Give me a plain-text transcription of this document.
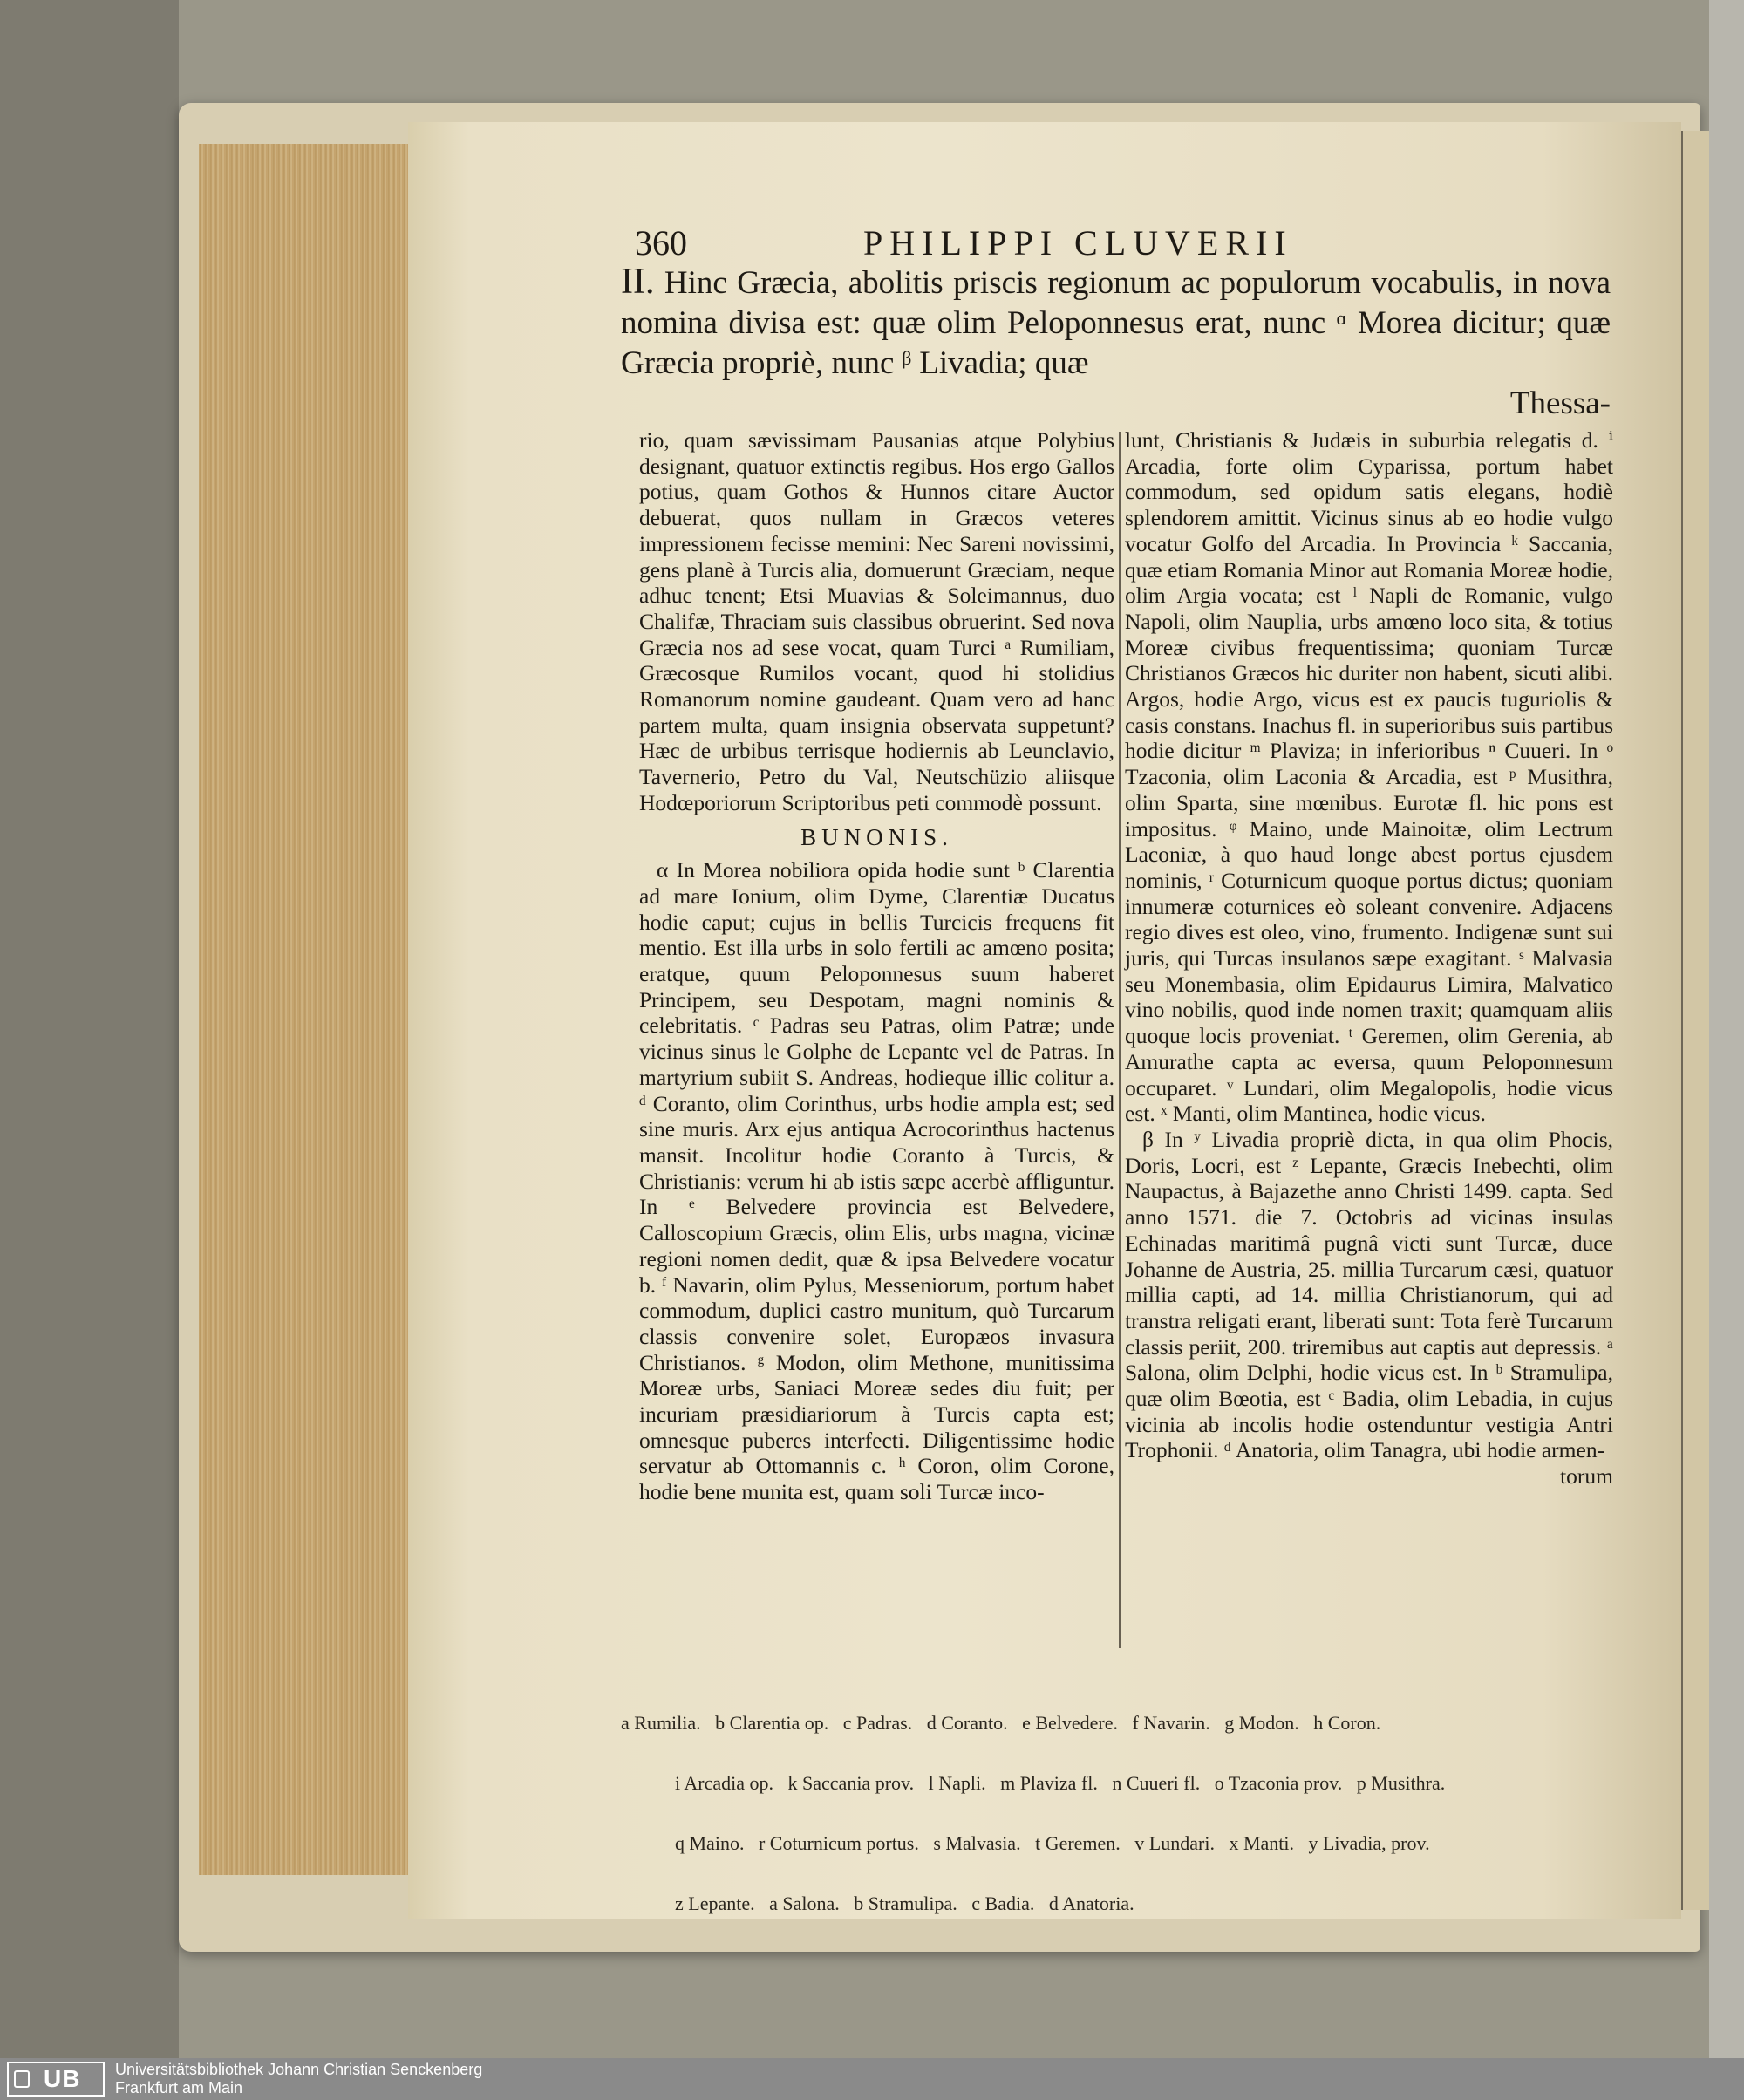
360	PHILIPPI CLUVERII

II. Hinc Græcia, abolitis priscis regionum ac populorum vocabulis, in nova nomina divisa est: quæ olim Peloponnesus erat, nunc ᵅ Morea dicitur; quæ Græcia propriè, nunc ᵝ Livadia; quæ
Thessa-

rio, quam sævissimam Pausanias atque Polybius designant, quatuor extinctis regibus. Hos ergo Gallos potius, quam Gothos & Hunnos citare Auctor debuerat, quos nullam in Græcos veteres impressionem fecisse memini: Nec Sareni novissimi, gens planè à Turcis alia, domuerunt Græciam, neque adhuc tenent; Etsi Muavias & Soleimannus, duo Chalifæ, Thraciam suis classibus obruerint. Sed nova Græcia nos ad sese vocat, quam Turci ᵃ Rumiliam, Græcosque Rumilos vocant, quod hi stolidius Romanorum nomine gaudeant. Quam vero ad hanc partem multa, quam insignia observata suppetunt? Hæc de urbibus terrisque hodiernis ab Leunclavio, Tavernerio, Petro du Val, Neutschüzio aliisque Hodœporiorum Scriptoribus peti commodè possunt.

BUNONIS.

α In Morea nobiliora opida hodie sunt ᵇ Clarentia ad mare Ionium, olim Dyme, Clarentiæ Ducatus hodie caput; cujus in bellis Turcicis frequens fit mentio. Est illa urbs in solo fertili ac amœno posita; eratque, quum Peloponnesus suum haberet Principem, seu Despotam, magni nominis & celebritatis. ᶜ Padras seu Patras, olim Patræ; unde vicinus sinus le Golphe de Lepante vel de Patras. In martyrium subiit S. Andreas, hodieque illic colitur a. ᵈ Coranto, olim Corinthus, urbs hodie ampla est; sed sine muris. Arx ejus antiqua Acrocorinthus hactenus mansit. Incolitur hodie Coranto à Turcis, & Christianis: verum hi ab istis sæpe acerbè affliguntur. In ᵉ Belvedere provincia est Belvedere, Calloscopium Græcis, olim Elis, urbs magna, vicinæ regioni nomen dedit, quæ & ipsa Belvedere vocatur b. ᶠ Navarin, olim Pylus, Messeniorum, portum habet commodum, duplici castro munitum, quò Turcarum classis convenire solet, Europæos invasura Christianos. ᵍ Modon, olim Methone, munitissima Moreæ urbs, Saniaci Moreæ sedes diu fuit; per incuriam præsidiariorum à Turcis capta est; omnesque puberes interfecti. Diligentissime hodie servatur ab Ottomannis c. ʰ Coron, olim Corone, hodie bene munita est, quam soli Turcæ inco-

lunt, Christianis & Judæis in suburbia relegatis d. ⁱ Arcadia, forte olim Cyparissa, portum habet commodum, sed opidum satis elegans, hodiè splendorem amittit. Vicinus sinus ab eo hodie vulgo vocatur Golfo del Arcadia. In Provincia ᵏ Saccania, quæ etiam Romania Minor aut Romania Moreæ hodie, olim Argia vocata; est ˡ Napli de Romanie, vulgo Napoli, olim Nauplia, urbs amœno loco sita, & totius Moreæ civibus frequentissima; quoniam Turcæ Christianos Græcos hic duriter non habent, sicuti alibi. Argos, hodie Argo, vicus est ex paucis tuguriolis & casis constans. Inachus fl. in superioribus suis partibus hodie dicitur ᵐ Plaviza; in inferioribus ⁿ Cuueri. In ᵒ Tzaconia, olim Laconia & Arcadia, est ᵖ Musithra, olim Sparta, sine mœnibus. Eurotæ fl. hic pons est impositus. ᵠ Maino, unde Mainoitæ, olim Lectrum Laconiæ, à quo haud longe abest portus ejusdem nominis, ʳ Coturnicum quoque portus dictus; quoniam innumeræ coturnices eò soleant convenire. Adjacens regio dives est oleo, vino, frumento. Indigenæ sunt sui juris, qui Turcas insulanos sæpe exagitant. ˢ Malvasia seu Monembasia, olim Epidaurus Limira, Malvatico vino nobilis, quod inde nomen traxit; quamquam aliis quoque locis proveniat. ᵗ Geremen, olim Gerenia, ab Amurathe capta ac eversa, quum Peloponnesum occuparet. ᵛ Lundari, olim Megalopolis, hodie vicus est. ˣ Manti, olim Mantinea, hodie vicus.

β In ʸ Livadia propriè dicta, in qua olim Phocis, Doris, Locri, est ᶻ Lepante, Græcis Inebechti, olim Naupactus, à Bajazethe anno Christi 1499. capta. Sed anno 1571. die 7. Octobris ad vicinas insulas Echinadas maritimâ pugnâ victi sunt Turcæ, duce Johanne de Austria, 25. millia Turcarum cæsi, quatuor millia capti, ad 14. millia Christianorum, qui ad transtra religati erant, liberati sunt: Tota ferè Turcarum classis periit, 200. triremibus aut captis aut depressis. ᵃ Salona, olim Delphi, hodie vicus est. In ᵇ Stramulipa, quæ olim Bœotia, est ᶜ Badia, olim Lebadia, in cujus vicinia ab incolis hodie ostenduntur vestigia Antri Trophonii. ᵈ Anatoria, olim Tanagra, ubi hodie armen-

torum

a Rumilia.   b Clarentia op.   c Padras.   d Coranto.   e Belvedere.   f Navarin.   g Modon.   h Coron.

i Arcadia op.   k Saccania prov.   l Napli.   m Plaviza fl.   n Cuueri fl.   o Tzaconia prov.   p Musithra.

q Maino.   r Coturnicum portus.   s Malvasia.   t Geremen.   v Lundari.   x Manti.   y Livadia, prov.

z Lepante.   a Salona.   b Stramulipa.   c Badia.   d Anatoria.

UB Universitätsbibliothek Johann Christian Senckenberg
Frankfurt am Main
